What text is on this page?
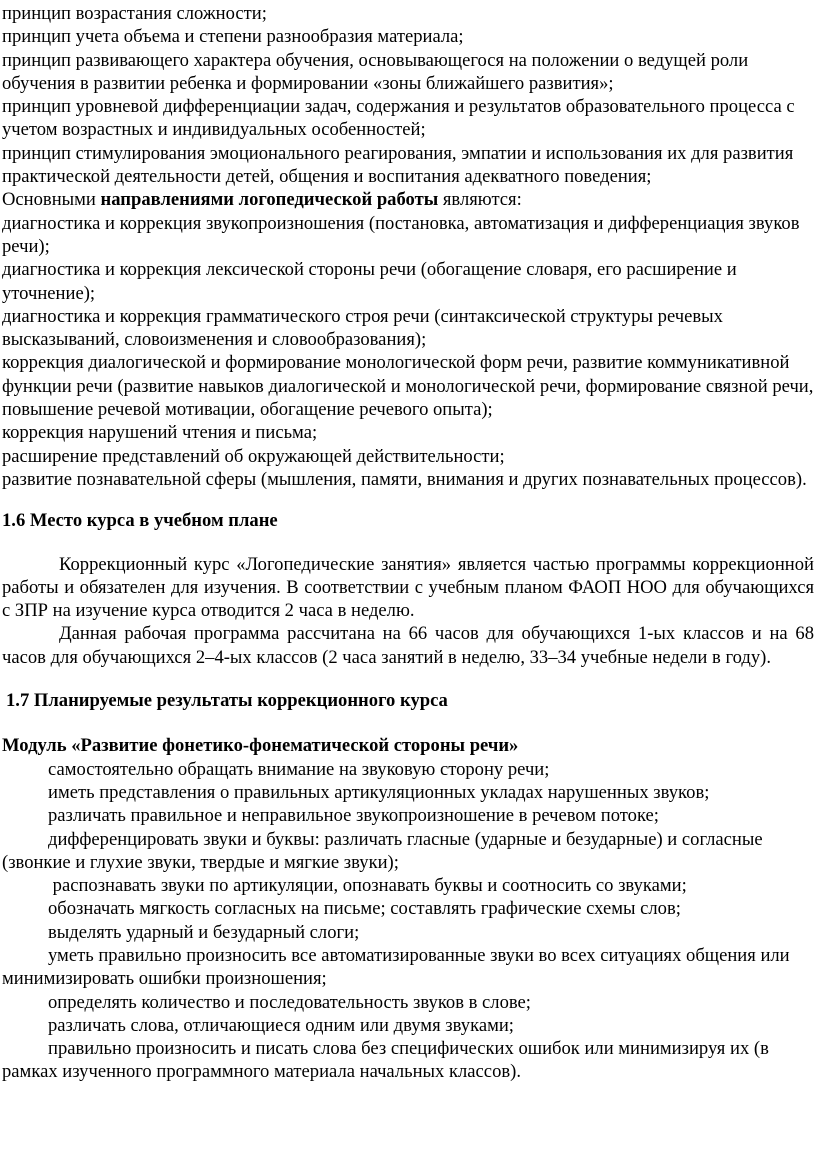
принцип возрастания сложности;

принцип учета объема и степени разнообразия материала;

принцип развивающего характера обучения, основывающегося на положении о ведущей роли обучения в развитии ребенка и формировании «зоны ближайшего развития»;

принцип уровневой дифференциации задач, содержания и результатов образовательного процесса с учетом возрастных и индивидуальных особенностей;

принцип стимулирования эмоционального реагирования, эмпатии и использования их для развития практической деятельности детей, общения и воспитания адекватного поведения;

Основными направлениями логопедической работы являются:

диагностика и коррекция звукопроизношения (постановка, автоматизация и дифференциация звуков речи);

диагностика и коррекция лексической стороны речи (обогащение словаря, его расширение и уточнение);

диагностика и коррекция грамматического строя речи (синтаксической структуры речевых высказываний, словоизменения и словообразования);

коррекция диалогической и формирование монологической форм речи, развитие коммуникативной функции речи (развитие навыков диалогической и монологической речи, формирование связной речи, повышение речевой мотивации, обогащение речевого опыта);

коррекция нарушений чтения и письма;

расширение представлений об окружающей действительности;

развитие познавательной сферы (мышления, памяти, внимания и других познавательных процессов).

1.6 Место курса в учебном плане

Коррекционный курс «Логопедические занятия» является частью программы коррекционной работы и обязателен для изучения. В соответствии с учебным планом ФАОП НОО для обучающихся с ЗПР на изучение курса отводится 2 часа в неделю.

Данная рабочая программа рассчитана на 66 часов для обучающихся 1-ых классов и на 68 часов для обучающихся 2–4-ых классов (2 часа занятий в неделю, 33–34 учебные недели в году).

1.7 Планируемые результаты коррекционного курса
Модуль «Развитие фонетико-фонематической стороны речи»

самостоятельно обращать внимание на звуковую сторону речи;

иметь представления о правильных артикуляционных укладах нарушенных звуков;

различать правильное и неправильное звукопроизношение в речевом потоке;

дифференцировать звуки и буквы: различать гласные (ударные и безударные) и согласные (звонкие и глухие звуки, твердые и мягкие звуки);

распознавать звуки по артикуляции, опознавать буквы и соотносить со звуками;

обозначать мягкость согласных на письме; составлять графические схемы слов;

выделять ударный и безударный слоги;

уметь правильно произносить все автоматизированные звуки во всех ситуациях общения или минимизировать ошибки произношения;

определять количество и последовательность звуков в слове;

различать слова, отличающиеся одним или двумя звуками;

правильно произносить и писать слова без специфических ошибок или минимизируя их (в рамках изученного программного материала начальных классов).
